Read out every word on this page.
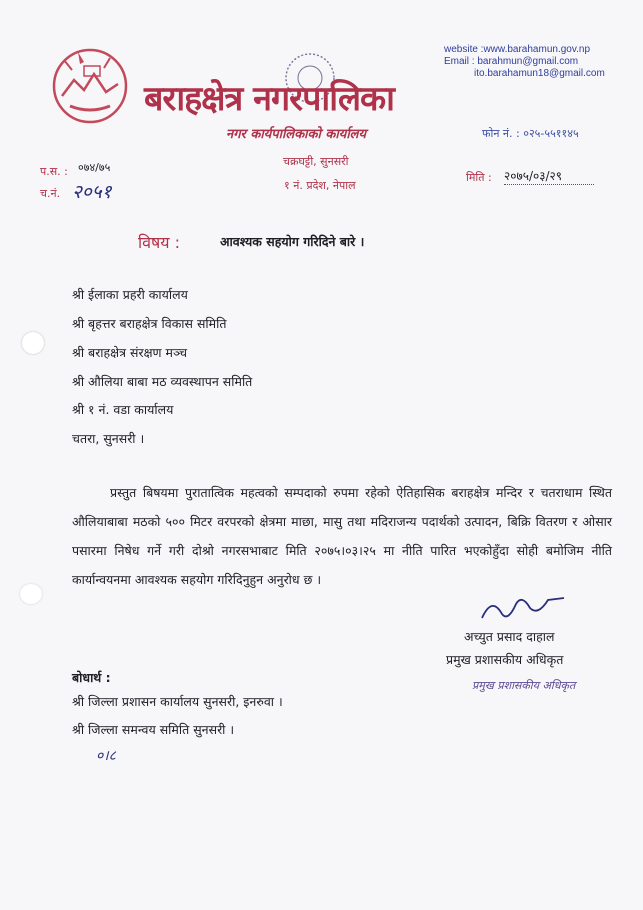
website :www.barahamun.gov.np
Email : barahmun@gmail.com
ito.barahamun18@gmail.com
बराहक्षेत्र नगरपालिका
नगर कार्यपालिकाको कार्यालय	फोन नं. : ०२५-५५११४५
चक्रघट्टी, सुनसरी
१ नं. प्रदेश, नेपाल
प.स. : ०७४/७५
च.नं. २०५१
मिति : २०७५/०३/२९
विषय :	आवश्यक सहयोग गरिदिने बारे ।
श्री ईलाका प्रहरी कार्यालय
श्री बृहत्तर बराहक्षेत्र विकास समिति
श्री बराहक्षेत्र संरक्षण मञ्च
श्री औलिया बाबा मठ व्यवस्थापन समिति
श्री १ नं. वडा कार्यालय
चतरा, सुनसरी ।
प्रस्तुत बिषयमा पुरातात्विक महत्वको सम्पदाको रुपमा रहेको ऐतिहासिक बराहक्षेत्र मन्दिर र चतराधाम स्थित औलियाबाबा मठको ५०० मिटर वरपरको क्षेत्रमा माछा, मासु तथा मदिराजन्य पदार्थको उत्पादन, बिक्रि वितरण र ओसार पसारमा निषेध गर्ने गरी दोश्रो नगरसभाबाट मिति २०७५।०३।२५ मा नीति पारित भएकोहुँदा सोही बमोजिम नीति कार्यान्वयनमा आवश्यक सहयोग गरिदिनुहुन अनुरोध छ ।
अच्युत प्रसाद दाहाल
प्रमुख प्रशासकीय अधिकृत
प्रमुख प्रशासकीय अधिकृत
बोधार्थ :
श्री जिल्ला प्रशासन कार्यालय सुनसरी, इनरुवा ।
श्री जिल्ला समन्वय समिति सुनसरी ।
०।८
